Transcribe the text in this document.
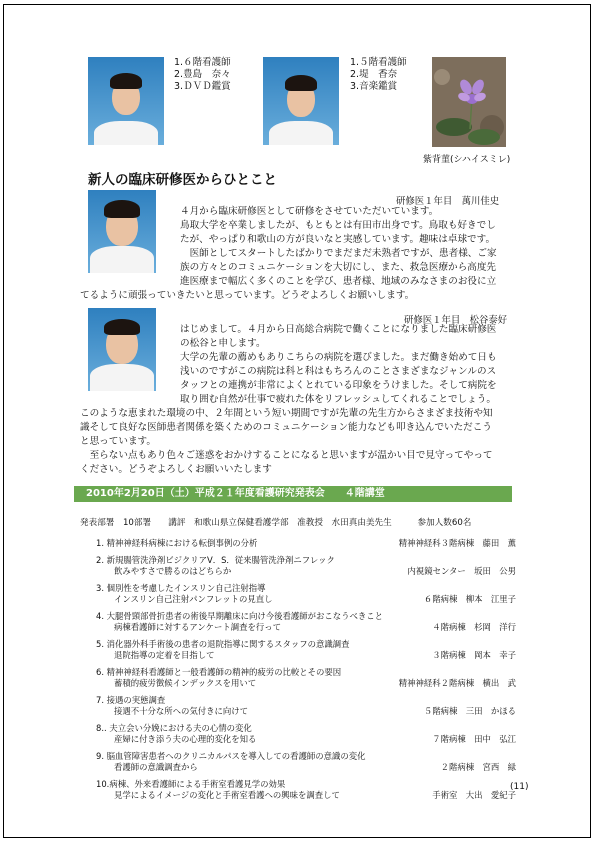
1.６階看護師
2.豊島　奈々
3.ＤＶＤ鑑賞
1.５階看護師
2.堤　香奈
3.音楽鑑賞
紫背菫(シハイスミレ)
新人の臨床研修医からひとこと
研修医１年目　萬川佳史
４月から臨床研修医として研修をさせていただいています。
鳥取大学を卒業しましたが、もともとは有田市出身です。鳥取も好きでし
たが、やっぱり和歌山の方が良いなと実感しています。趣味は卓球です。
　医師としてスタートしたばかりでまだまだ未熟者ですが、患者様、ご家
族の方々とのコミュニケーションを大切にし、また、救急医療から高度先
進医療まで幅広く多くのことを学び、患者様、地域のみなさまのお役に立
てるように頑張っていきたいと思っています。どうぞよろしくお願いします。
研修医１年目　松谷泰好
はじめまして。４月から日高総合病院で働くことになりました臨床研修医
の松谷と申します。
大学の先輩の薦めもありこちらの病院を選びました。まだ働き始めて日も
浅いのですがこの病院は科と科はもちろんのことさまざまなジャンルのス
タッフとの連携が非常によくとれている印象をうけました。そして病院を
取り囲む自然が仕事で疲れた体をリフレッシュしてくれることでしょう。
このような恵まれた環境の中、２年間という短い期間ですが先輩の先生方からさまざま技術や知
識そして良好な医師患者関係を築くためのコミュニケーション能力なども叩き込んでいただこう
と思っています。
　至らない点もあり色々ご迷惑をおかけすることになると思いますが温かい目で見守ってやって
ください。どうぞよろしくお願いいたします
2010年2月20日（土）平成２１年度看護研究発表会　　４階講堂
発表部署　10部署　　講評　和歌山県立保健看護学部　准教授　水田真由美先生　　　参加人数60名
1. 精神神経科病棟における転倒事例の分析	精神神経科３階病棟　藤田　薫
2. 新規腸管洗浄剤ビジクリアV．S．従来腸管洗浄剤ニフレック
飲みやすさで勝るのはどちらか	内視鏡センター　坂田　公男
3. 個別性を考慮したインスリン自己注射指導
インスリン自己注射パンフレットの見直し	６階病棟　柳本　江里子
4. 大腿骨頸部骨折患者の術後早期離床に向け今後看護師がおこなうべきこと
病棟看護師に対するアンケート調査を行って	４階病棟　杉岡　洋行
5. 消化器外科手術後の患者の退院指導に関するスタッフの意識調査
退院指導の定着を目指して	３階病棟　岡本　幸子
6. 精神神経科看護師と一般看護師の精神的疲労の比較とその要因
蓄積的疲労徴候インデックスを用いて	精神神経科２階病棟　横出　武
7. 接遇の実態調査
接遇不十分な所への気付きに向けて	５階病棟　三田　かほる
8.. 夫立会い分娩における夫の心情の変化
産婦に付き添う夫の心理的変化を知る	７階病棟　田中　弘江
9. 脳血管障害患者へのクリニカルパスを導入しての看護師の意識の変化
看護師の意識調査から	２階病棟　宮西　緑
10.病棟、外来看護師による手術室看護見学の効果
見学によるイメージの変化と手術室看護への興味を調査して	手術室　大出　愛紀子
(11)
